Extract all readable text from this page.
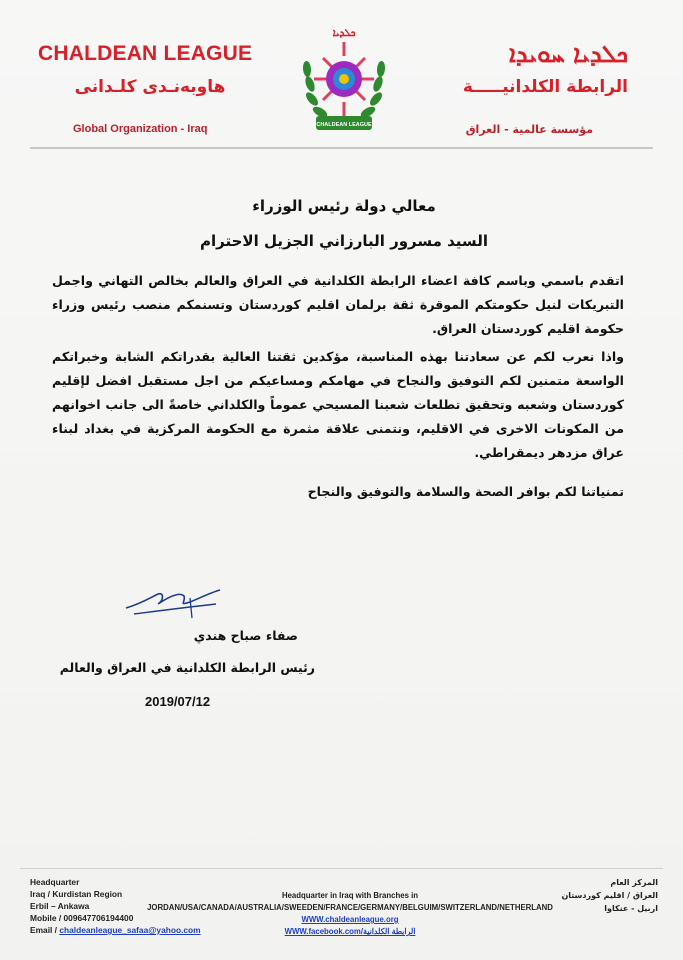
CHALDEAN LEAGUE
هاوبەنـدى كلـدانى
Global Organization - Iraq
ܟܠܕܝܐ
CHALDEAN LEAGUE
ܟܠܕܝܐ ܚܘܝܕܐ
الرابطة الكلدانيـــــة
مؤسسة عالمية - العراق
معالي دولة رئيس الوزراء
السيد مسرور البارزاني الجزيل الاحترام
اتقدم باسمي وباسم كافة اعضاء الرابطة الكلدانية في العراق والعالم بخالص التهاني واجمل التبريكات لنيل حكومتكم الموقرة ثقة برلمان اقليم كوردستان وتسنمكم منصب رئيس وزراء حكومة اقليم كوردستان العراق.
واذا نعرب لكم عن سعادتنا بهذه المناسبة، مؤكدين ثقتنا العالية بقدراتكم الشابة وخبراتكم الواسعة متمنين لكم التوفيق والنجاح في مهامكم ومساعيكم من اجل مستقبل افضل لإقليم كوردستان وشعبه وتحقيق تطلعات شعبنا المسيحي عموماً والكلداني خاصةً الى جانب اخوانهم من المكونات الاخرى في الاقليم، ونتمنى علاقة مثمرة مع الحكومة المركزية في بغداد لبناء عراق مزدهر ديمقراطي.
تمنياتنا لكم بوافر الصحة والسلامة والتوفيق والنجاح
صفاء صباح هندي
رئيس الرابطة الكلدانية في العراق والعالم
2019/07/12
Headquarter
Iraq / Kurdistan Region
Erbil – Ankawa
Mobile / 009647706194400
Email / chaldeanleague_safaa@yahoo.com
Headquarter in Iraq with Branches in
JORDAN/USA/CANADA/AUSTRALIA/SWEEDEN/FRANCE/GERMANY/BELGUIM/SWITZERLAND/NETHERLAND
WWW.chaldeanleague.org
WWW.facebook.com/الرابطة الكلدانية
المركز العام
العراق / اقليم كوردستان
اربيل - عنكاوا
